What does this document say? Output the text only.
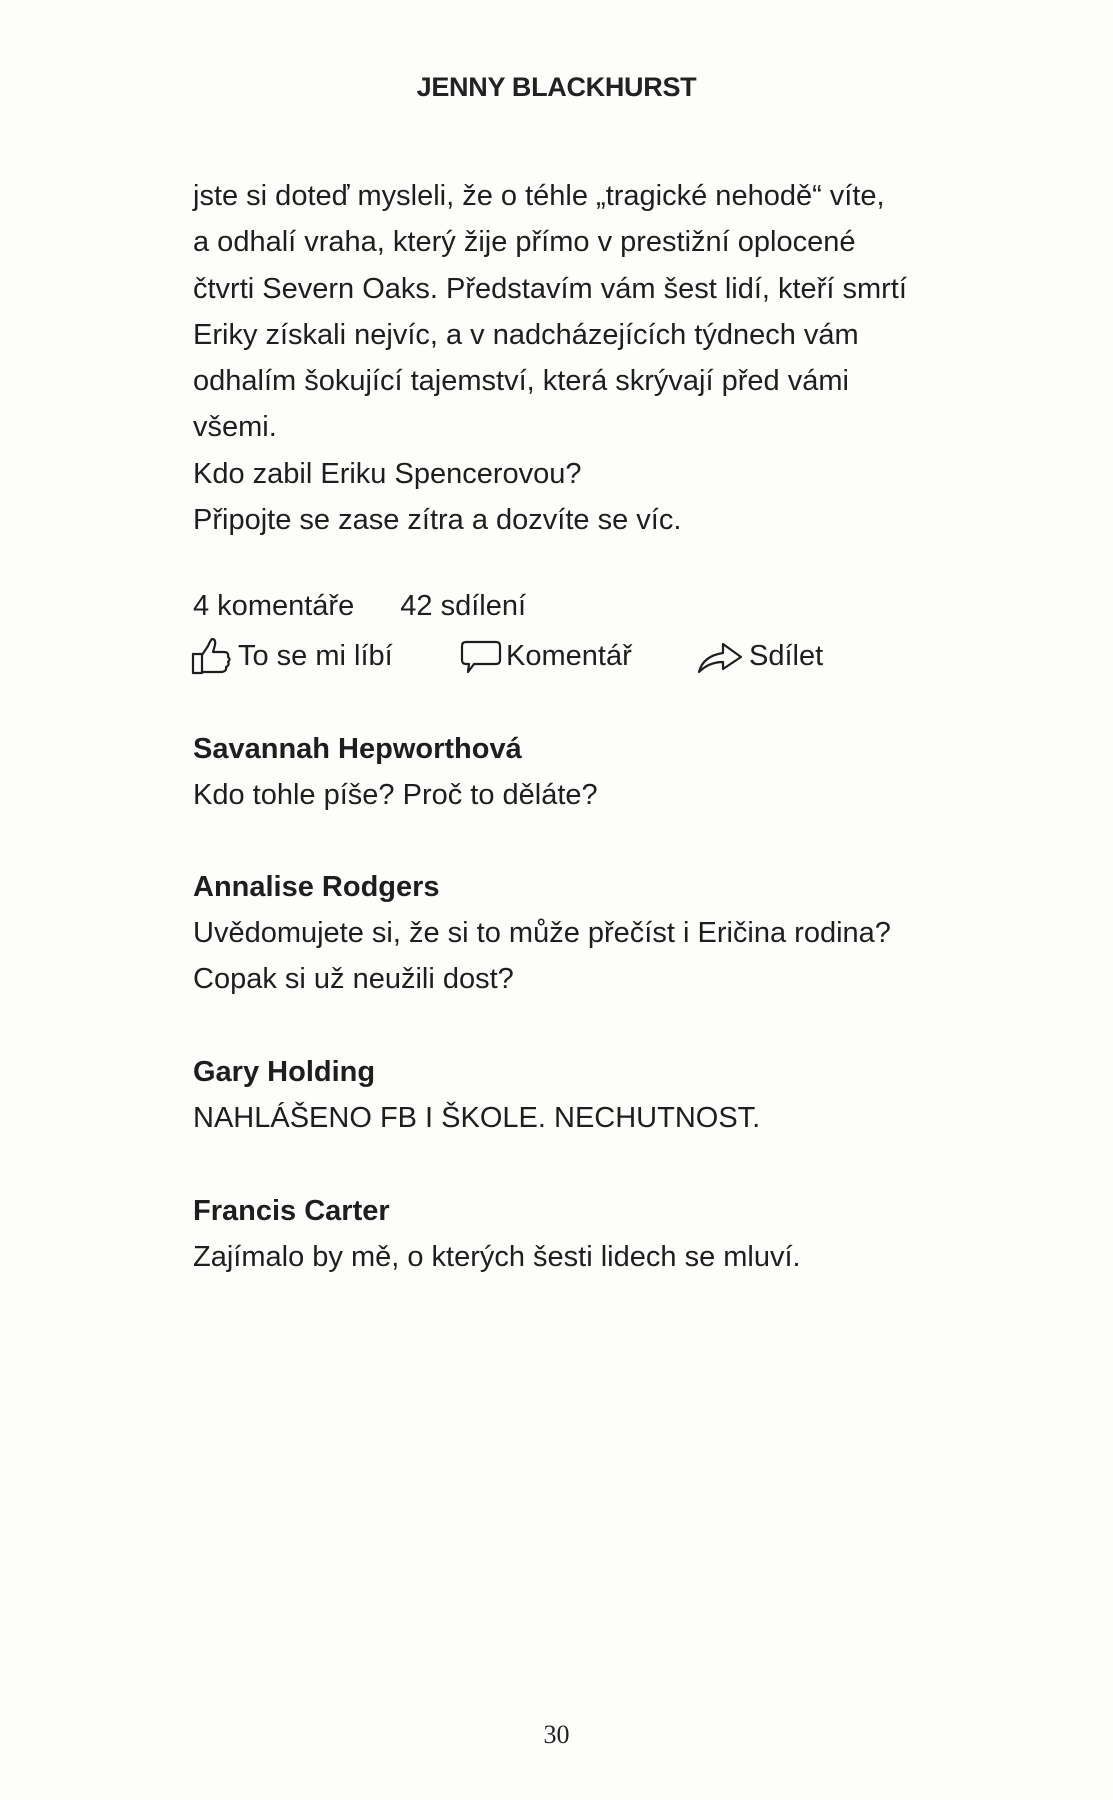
JENNY BLACKHURST
jste si doteď mysleli, že o téhle „tragické nehodě“ víte,
a odhalí vraha, který žije přímo v prestižní oplocené
čtvrti Severn Oaks. Představím vám šest lidí, kteří smrtí
Eriky získali nejvíc, a v nadcházejících týdnech vám
odhalím šokující tajemství, která skrývají před vámi
všemi.
Kdo zabil Eriku Spencerovou?
Připojte se zase zítra a dozvíte se víc.
4 komentáře 42 sdílení
To se mi líbí	Komentář	Sdílet
Savannah Hepworthová
Kdo tohle píše? Proč to děláte?
Annalise Rodgers
Uvědomujete si, že si to může přečíst i Eričina rodina?
Copak si už neužili dost?
Gary Holding
NAHLÁŠENO FB I ŠKOLE. NECHUTNOST.
Francis Carter
Zajímalo by mě, o kterých šesti lidech se mluví.
30
